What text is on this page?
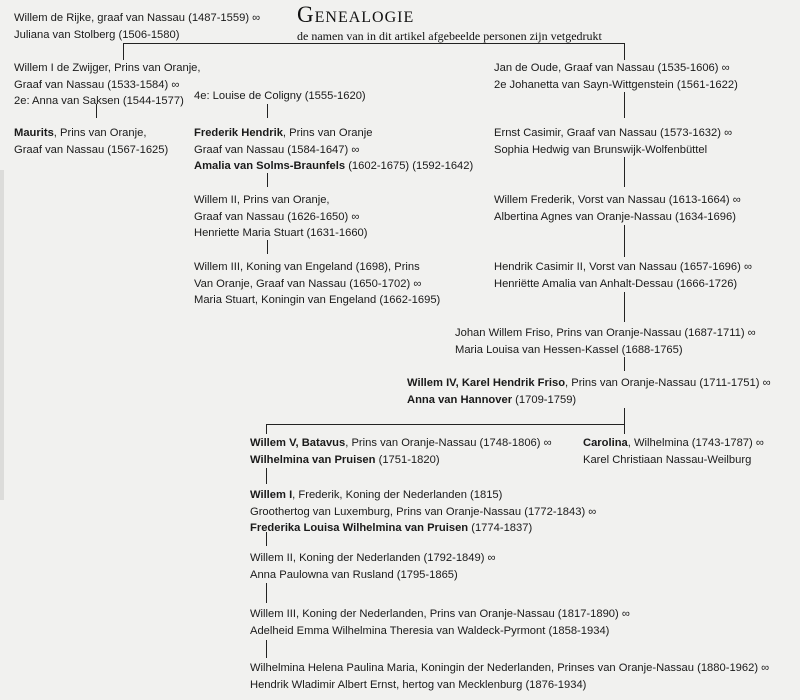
Genealogie
de namen van in dit artikel afgebeelde personen zijn vetgedrukt
Willem de Rijke, graaf van Nassau (1487-1559) ∞
Juliana van Stolberg (1506-1580)
Willem I de Zwijger, Prins van Oranje,
Graaf van Nassau (1533-1584) ∞
2e: Anna van Saksen (1544-1577) 4e: Louise de Coligny (1555-1620)
Jan de Oude, Graaf van Nassau (1535-1606) ∞
2e Johanetta van Sayn-Wittgenstein (1561-1622)
Maurits, Prins van Oranje,
Graaf van Nassau (1567-1625)
Frederik Hendrik, Prins van Oranje
Graaf van Nassau (1584-1647) ∞
Amalia van Solms-Braunfels (1602-1675) (1592-1642)
Ernst Casimir, Graaf van Nassau (1573-1632) ∞
Sophia Hedwig van Brunswijk-Wolfenbüttel
Willem II, Prins van Oranje,
Graaf van Nassau (1626-1650) ∞
Henriette Maria Stuart (1631-1660)
Willem Frederik, Vorst van Nassau (1613-1664) ∞
Albertina Agnes van Oranje-Nassau (1634-1696)
Willem III, Koning van Engeland (1698), Prins
Van Oranje, Graaf van Nassau (1650-1702) ∞
Maria Stuart, Koningin van Engeland (1662-1695)
Hendrik Casimir II, Vorst van Nassau (1657-1696) ∞
Henriëtte Amalia van Anhalt-Dessau (1666-1726)
Johan Willem Friso, Prins van Oranje-Nassau (1687-1711) ∞
Maria Louisa van Hessen-Kassel (1688-1765)
Willem IV, Karel Hendrik Friso, Prins van Oranje-Nassau (1711-1751) ∞
Anna van Hannover (1709-1759)
Willem V, Batavus, Prins van Oranje-Nassau (1748-1806) ∞
Wilhelmina van Pruisen (1751-1820)
Carolina, Wilhelmina (1743-1787) ∞
Karel Christiaan Nassau-Weilburg
Willem I, Frederik, Koning der Nederlanden (1815)
Groothertog van Luxemburg, Prins van Oranje-Nassau (1772-1843) ∞
Frederika Louisa Wilhelmina van Pruisen (1774-1837)
Willem II, Koning der Nederlanden (1792-1849) ∞
Anna Paulowna van Rusland (1795-1865)
Willem III, Koning der Nederlanden, Prins van Oranje-Nassau (1817-1890) ∞
Adelheid Emma Wilhelmina Theresia van Waldeck-Pyrmont (1858-1934)
Wilhelmina Helena Paulina Maria, Koningin der Nederlanden, Prinses van Oranje-Nassau (1880-1962) ∞
Hendrik Wladimir Albert Ernst, hertog van Mecklenburg (1876-1934)
